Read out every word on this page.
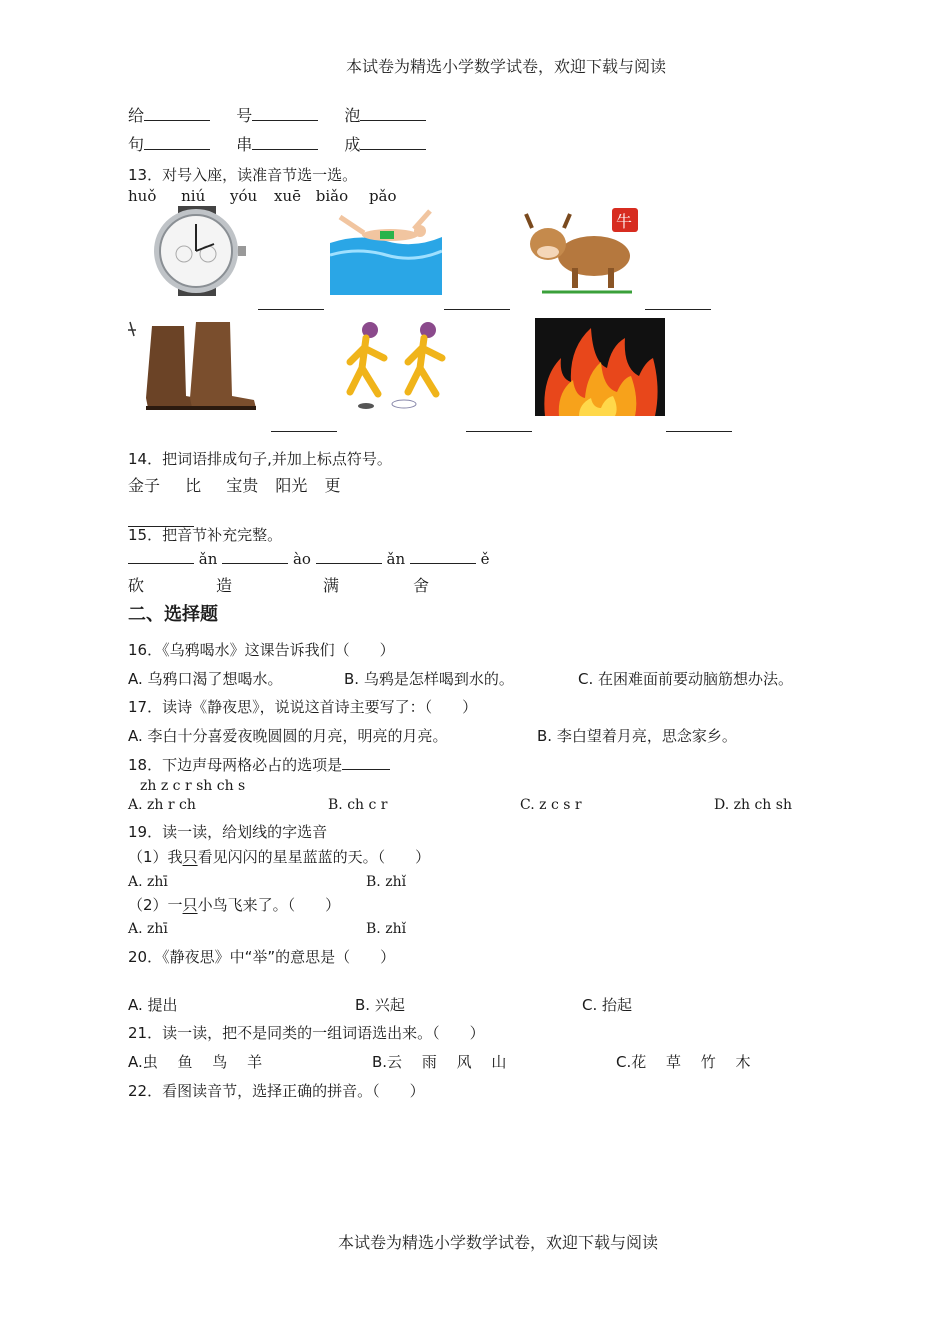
本试卷为精选小学数学试卷，欢迎下载与阅读
给	号	泡
句	串	成
13．对号入座，读准音节选一选。
huǒ niú yóu xuē biǎo pǎo
牛
14．把词语排成句子,并加上标点符号。
金子 比 宝贵 阳光 更
15．把音节补充完整。
ǎn	ào	ǎn	ě
砍	造	满	舍
二、选择题
16．《乌鸦喝水》这课告诉我们（　　）
A. 乌鸦口渴了想喝水。	B. 乌鸦是怎样喝到水的。	C. 在困难面前要动脑筋想办法。
17．读诗《静夜思》，说说这首诗主要写了：（　　）
A. 李白十分喜爱夜晚圆圆的月亮，明亮的月亮。	B. 李白望着月亮，思念家乡。
18．下边声母两格必占的选项是
zh z c r sh ch s
A. zh r ch	B. ch c r	C. z c s r	D. zh ch sh
19．读一读，给划线的字选音
（1）我只看见闪闪的星星蓝蓝的天。（　　）
A. zhī	B. zhǐ
（2）一只小鸟飞来了。（　　）
A. zhī	B. zhǐ
20．《静夜思》中“举”的意思是（　　）
A. 提出	B. 兴起	C. 抬起
21．读一读，把不是同类的一组词语选出来。（　　）
A.虫　 鱼　 鸟　 羊	B.云　 雨　 风　 山	C.花　 草　 竹　 木
22．看图读音节，选择正确的拼音。（　　）
本试卷为精选小学数学试卷，欢迎下载与阅读
